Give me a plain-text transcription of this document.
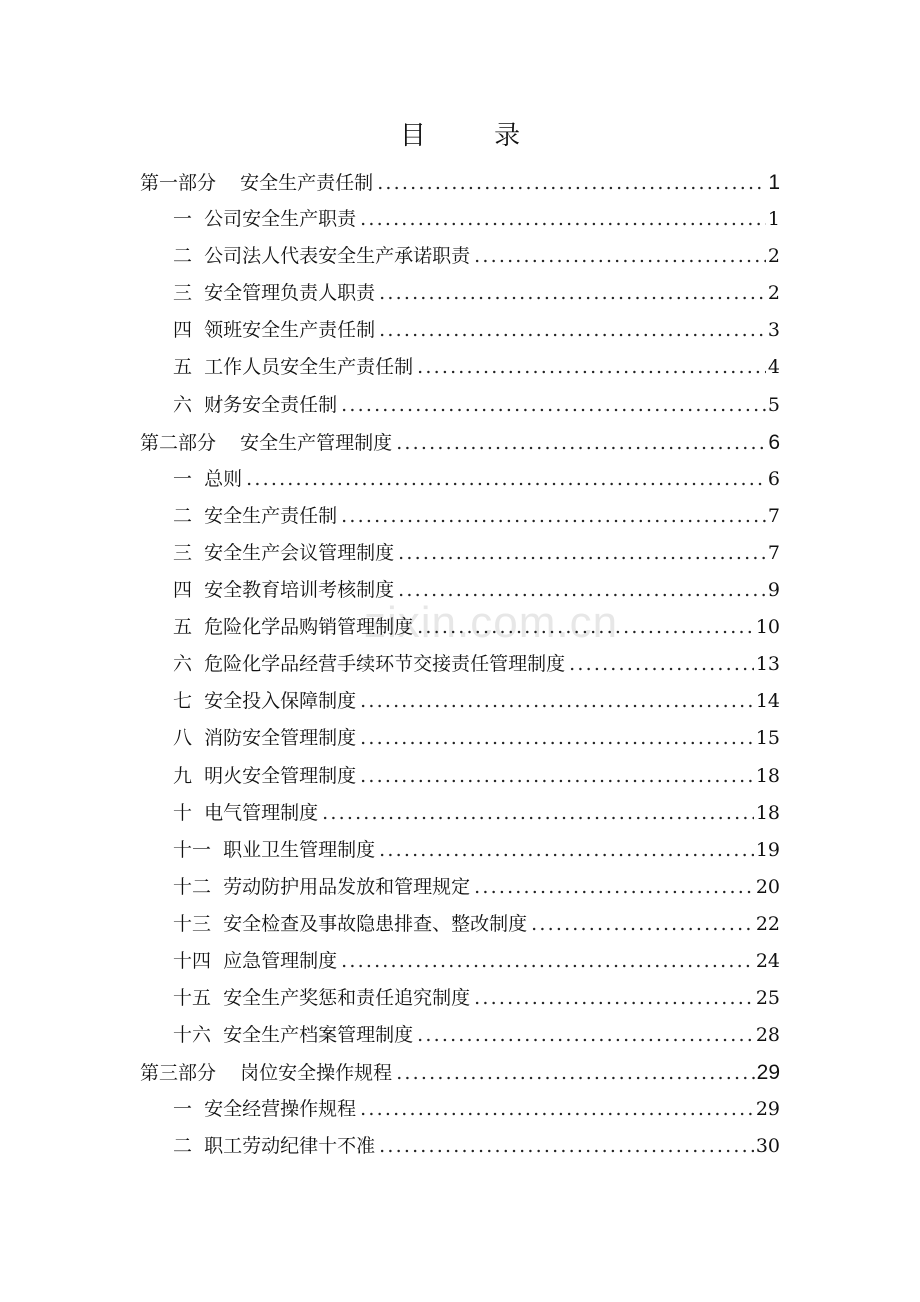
目 录
zixin.com.cn
第一部分 安全生产责任制 .....	1
一 公司安全生产职责 .....	1
二 公司法人代表安全生产承诺职责 .....	2
三 安全管理负责人职责 .....	2
四 领班安全生产责任制 .....	3
五 工作人员安全生产责任制 .....	4
六 财务安全责任制 .....	5
第二部分 安全生产管理制度 .....	6
一 总则 .....	6
二 安全生产责任制 .....	7
三 安全生产会议管理制度 .....	7
四 安全教育培训考核制度 .....	9
五 危险化学品购销管理制度 .....	10
六 危险化学品经营手续环节交接责任管理制度 .....	13
七 安全投入保障制度 .....	14
八 消防安全管理制度 .....	15
九 明火安全管理制度 .....	18
十 电气管理制度 .....	18
十一 职业卫生管理制度 .....	19
十二 劳动防护用品发放和管理规定 .....	20
十三 安全检查及事故隐患排查、整改制度 .....	22
十四 应急管理制度 .....	24
十五 安全生产奖惩和责任追究制度 .....	25
十六 安全生产档案管理制度 .....	28
第三部分 岗位安全操作规程 .....	29
一 安全经营操作规程 .....	29
二 职工劳动纪律十不准 .....	30
